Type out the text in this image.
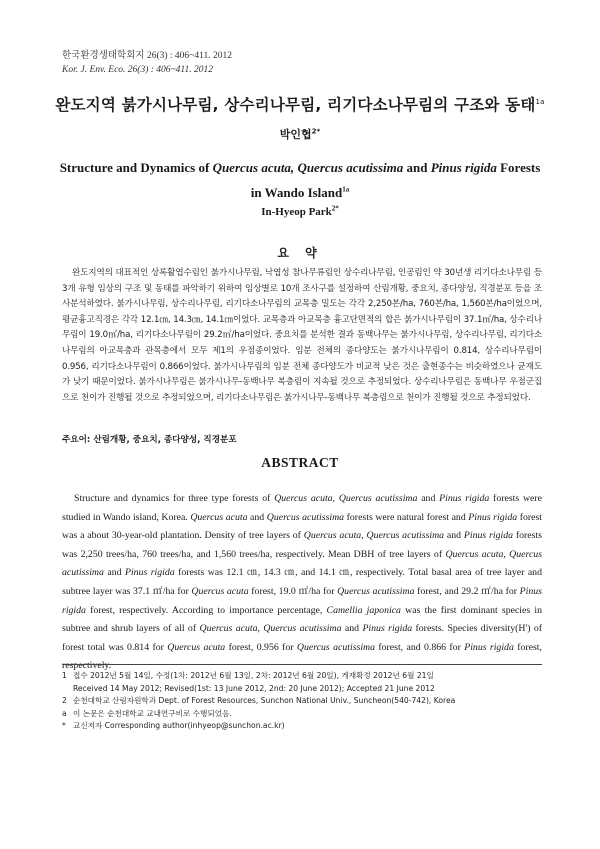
한국환경생태학회지 26(3) : 406~411. 2012
Kor. J. Env. Eco. 26(3) : 406~411. 2012
완도지역 붉가시나무림, 상수리나무림, 리기다소나무림의 구조와 동태$^{1a}$
박인협$^{2*}$
Structure and Dynamics of Quercus acuta, Quercus acutissima and Pinus rigida Forests
in Wando Island$^{1a}$
In-Hyeop Park$^{2*}$
요 약

완도지역의 대표적인 상록활엽수림인 붉가시나무림, 낙엽성 참나무류림인 상수리나무림, 인공림인 약 30년생 리기다소나무림 등 3개 유형 임상의 구조 및 동태를 파악하기 위하여 임상별로 10개 조사구를 설정하여 산림개황, 중요치, 종다양성, 직경분포 등을 조사분석하였다. 붉가시나무림, 상수리나무림, 리기다소나무림의 교목층 밀도는 각각 2,250본/ha, 760본/ha, 1,560본/ha이었으며, 평균흉고직경은 각각 12.1㎝, 14.3㎝, 14.1㎝이었다. 교목층과 아교목층 흉고단면적의 합은 붉가시나무림이 37.1㎡/ha, 상수리나무림이 19.0㎡/ha, 리기다소나무림이 29.2㎡/ha이었다. 중요치를 분석한 결과 동백나무는 붉가시나무림, 상수리나무림, 리기다소나무림의 아교목층과 관목층에서 모두 제1의 우점종이었다. 임분 전체의 종다양도는 붉가시나무림이 0.814, 상수리나무림이 0.956, 리기다소나무림이 0.866이었다. 붉가시나무림의 임분 전체 종다양도가 비교적 낮은 것은 출현종수는 비슷하였으나 균재도가 낮기 때문이었다. 붉가시나무림은 붉가시나무-동백나무 복층림이 지속될 것으로 추정되었다. 상수리나무림은 동백나무 우점군집으로 천이가 진행될 것으로 추정되었으며, 리기다소나무림은 붉가시나무-동백나무 복층림으로 천이가 진행될 것으로 추정되었다.

주요어: 산림개황, 중요치, 종다양성, 직경분포
ABSTRACT

Structure and dynamics for three type forests of Quercus acuta, Quercus acutissima and Pinus rigida forests were studied in Wando island, Korea. Quercus acuta and Quercus acutissima forests were natural forest and Pinus rigida forest was a about 30-year-old plantation. Density of tree layers of Quercus acuta, Quercus acutissima and Pinus rigida forests was 2,250 trees/ha, 760 trees/ha, and 1,560 trees/ha, respectively. Mean DBH of tree layers of Quercus acuta, Quercus acutissima and Pinus rigida forests was 12.1 ㎝, 14.3 ㎝, and 14.1 ㎝, respectively. Total basal area of tree layer and subtree layer was 37.1 ㎡/ha for Quercus acuta forest, 19.0 ㎡/ha for Quercus acutissima forest, and 29.2 ㎡/ha for Pinus rigida forest, respectively. According to importance percentage, Camellia japonica was the first dominant species in subtree and shrub layers of all of Quercus acuta, Quercus acutissima and Pinus rigida forests. Species diversity(H') of forest total was 0.814 for Quercus acuta forest, 0.956 for Quercus acutissima forest, and 0.866 for Pinus rigida forest, respectively.

1 접수 2012년 5월 14일, 수정(1차: 2012년 6월 13일, 2차: 2012년 6월 20일), 게재확정 2012년 6월 21일
Received 14 May 2012; Revised(1st: 13 June 2012, 2nd: 20 June 2012); Accepted 21 June 2012
2 순천대학교 산림자원학과 Dept. of Forest Resources, Sunchon National Univ., Suncheon(540-742), Korea
a 이 논문은 순천대학교 교내연구비로 수행되었음.
* 교신저자 Corresponding author(inhyeop@sunchon.ac.kr)
